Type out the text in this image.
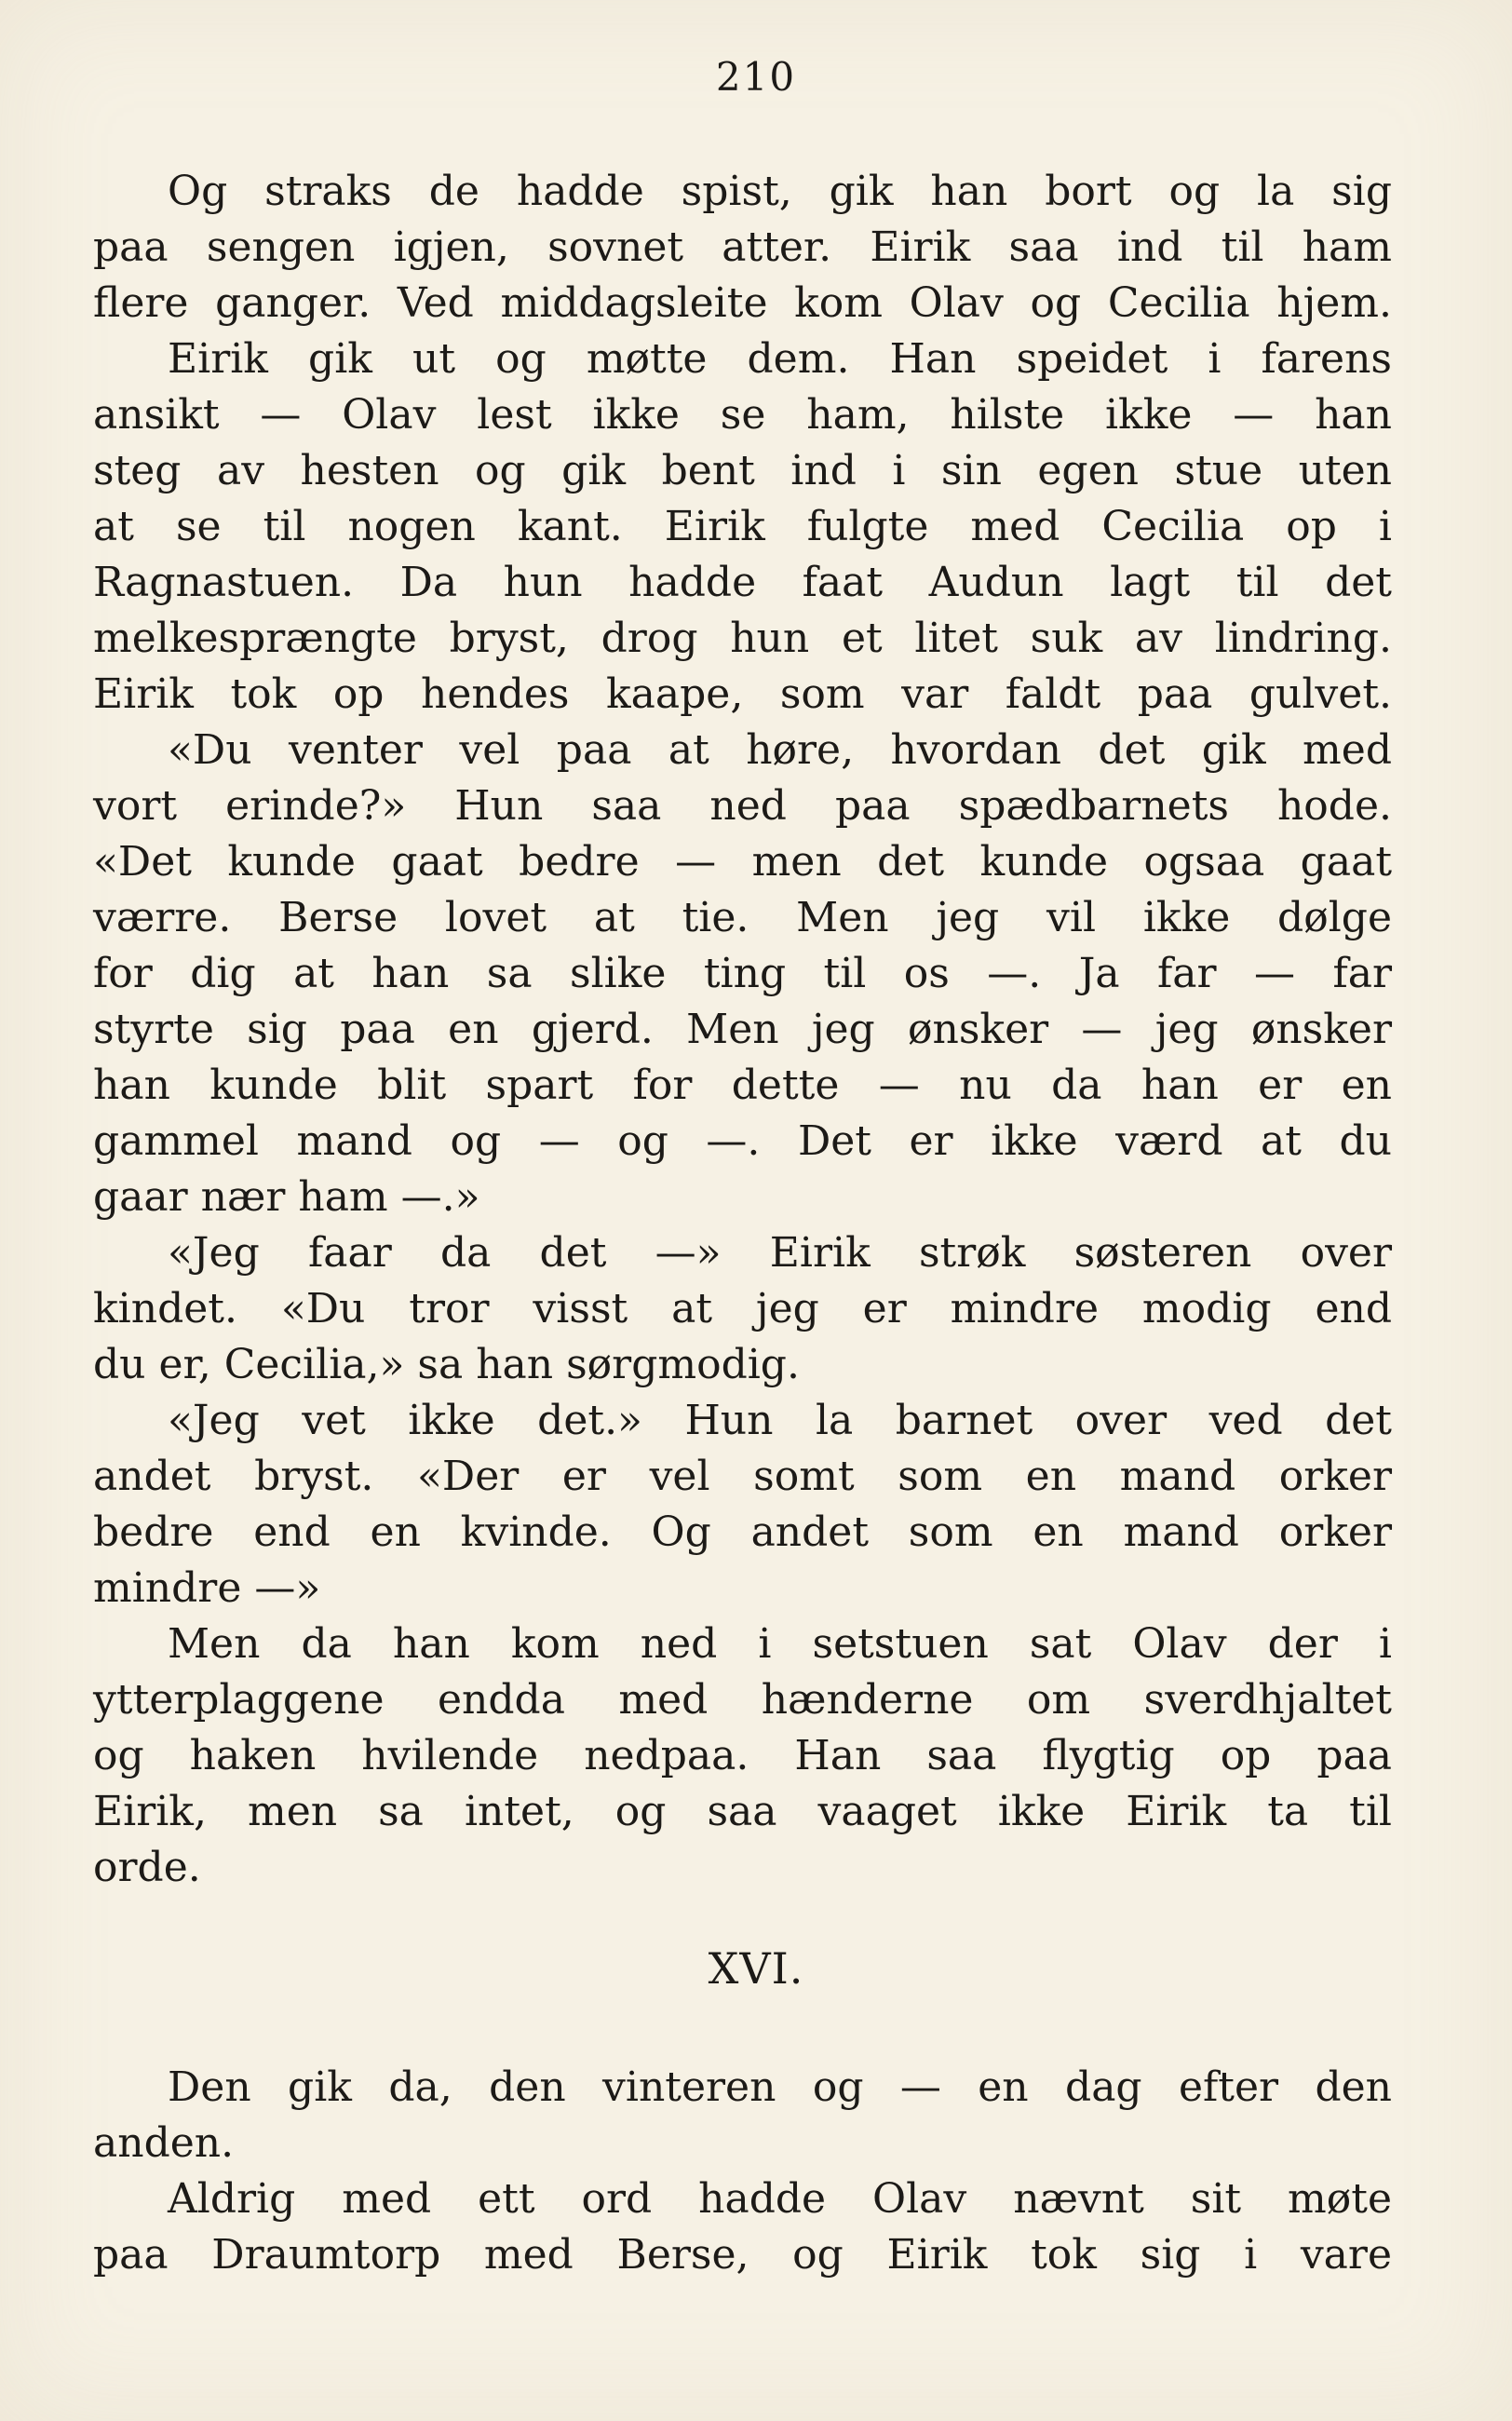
210
Og straks de hadde spist, gik han bort og la sig
paa sengen igjen, sovnet atter. Eirik saa ind til ham
flere ganger. Ved middagsleite kom Olav og Cecilia hjem.
Eirik gik ut og møtte dem. Han speidet i farens
ansikt — Olav lest ikke se ham, hilste ikke — han
steg av hesten og gik bent ind i sin egen stue uten
at se til nogen kant. Eirik fulgte med Cecilia op i
Ragnastuen. Da hun hadde faat Audun lagt til det
melkesprængte bryst, drog hun et litet suk av lindring.
Eirik tok op hendes kaape, som var faldt paa gulvet.
«Du venter vel paa at høre, hvordan det gik med
vort erinde?» Hun saa ned paa spædbarnets hode.
«Det kunde gaat bedre — men det kunde ogsaa gaat
værre. Berse lovet at tie. Men jeg vil ikke dølge
for dig at han sa slike ting til os —. Ja far — far
styrte sig paa en gjerd. Men jeg ønsker — jeg ønsker
han kunde blit spart for dette — nu da han er en
gammel mand og — og —. Det er ikke værd at du
gaar nær ham —.»
«Jeg faar da det —» Eirik strøk søsteren over
kindet. «Du tror visst at jeg er mindre modig end
du er, Cecilia,» sa han sørgmodig.
«Jeg vet ikke det.» Hun la barnet over ved det
andet bryst. «Der er vel somt som en mand orker
bedre end en kvinde. Og andet som en mand orker
mindre —»
Men da han kom ned i setstuen sat Olav der i
ytterplaggene endda med hænderne om sverdhjaltet
og haken hvilende nedpaa. Han saa flygtig op paa
Eirik, men sa intet, og saa vaaget ikke Eirik ta til
orde.
XVI.
Den gik da, den vinteren og — en dag efter den
anden.
Aldrig med ett ord hadde Olav nævnt sit møte
paa Draumtorp med Berse, og Eirik tok sig i vare
